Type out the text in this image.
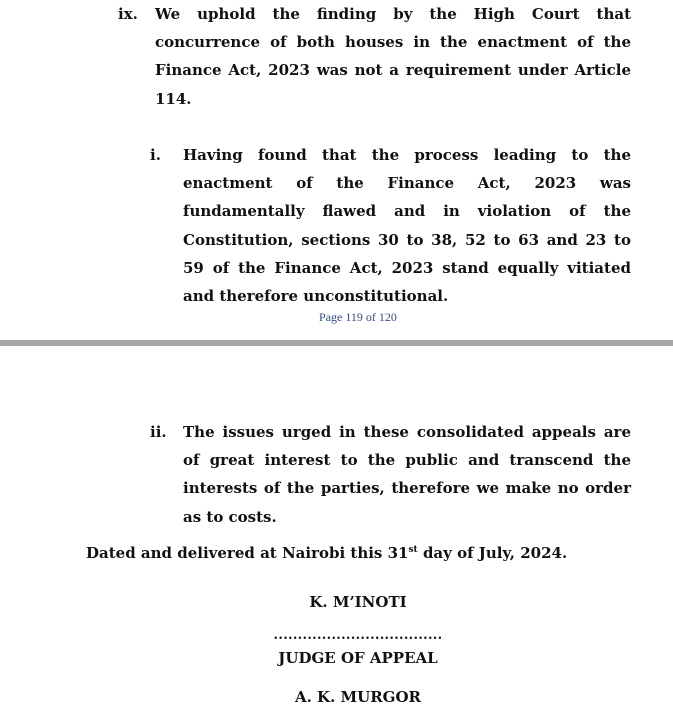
ix. We uphold the finding by the High Court that concurrence of both houses in the enactment of the Finance Act, 2023 was not a requirement under Article 114.
i. Having found that the process leading to the enactment of the Finance Act, 2023 was fundamentally flawed and in violation of the Constitution, sections 30 to 38, 52 to 63 and 23 to 59 of the Finance Act, 2023 stand equally vitiated and therefore unconstitutional.
Page 119 of 120
ii. The issues urged in these consolidated appeals are of great interest to the public and transcend the interests of the parties, therefore we make no order as to costs.
Dated and delivered at Nairobi this 31st day of July, 2024.
K. M’INOTI
...................................
JUDGE OF APPEAL
A. K. MURGOR
